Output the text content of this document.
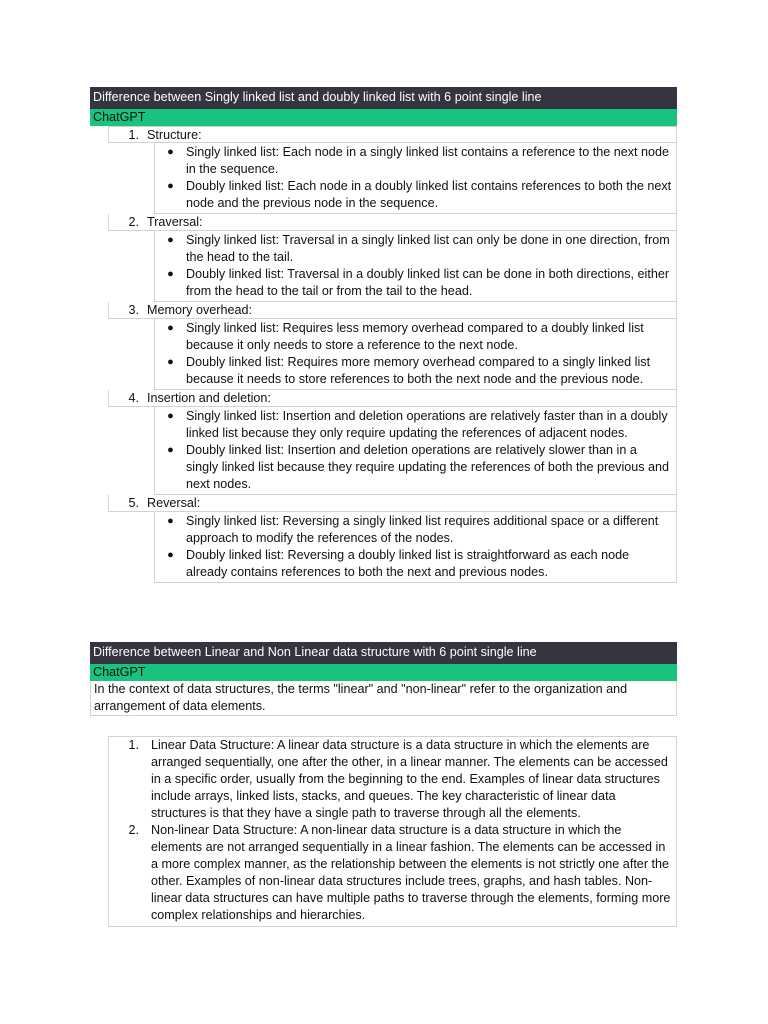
Difference between Singly linked list and doubly linked list with 6 point single line
ChatGPT
1. Structure:
● Singly linked list: Each node in a singly linked list contains a reference to the next node in the sequence.
● Doubly linked list: Each node in a doubly linked list contains references to both the next node and the previous node in the sequence.
2. Traversal:
● Singly linked list: Traversal in a singly linked list can only be done in one direction, from the head to the tail.
● Doubly linked list: Traversal in a doubly linked list can be done in both directions, either from the head to the tail or from the tail to the head.
3. Memory overhead:
● Singly linked list: Requires less memory overhead compared to a doubly linked list because it only needs to store a reference to the next node.
● Doubly linked list: Requires more memory overhead compared to a singly linked list because it needs to store references to both the next node and the previous node.
4. Insertion and deletion:
● Singly linked list: Insertion and deletion operations are relatively faster than in a doubly linked list because they only require updating the references of adjacent nodes.
● Doubly linked list: Insertion and deletion operations are relatively slower than in a singly linked list because they require updating the references of both the previous and next nodes.
5. Reversal:
● Singly linked list: Reversing a singly linked list requires additional space or a different approach to modify the references of the nodes.
● Doubly linked list: Reversing a doubly linked list is straightforward as each node already contains references to both the next and previous nodes.
Difference between Linear and Non Linear data structure with 6 point single line
ChatGPT
In the context of data structures, the terms "linear" and "non-linear" refer to the organization and arrangement of data elements.
1. Linear Data Structure: A linear data structure is a data structure in which the elements are arranged sequentially, one after the other, in a linear manner. The elements can be accessed in a specific order, usually from the beginning to the end. Examples of linear data structures include arrays, linked lists, stacks, and queues. The key characteristic of linear data structures is that they have a single path to traverse through all the elements.
2. Non-linear Data Structure: A non-linear data structure is a data structure in which the elements are not arranged sequentially in a linear fashion. The elements can be accessed in a more complex manner, as the relationship between the elements is not strictly one after the other. Examples of non-linear data structures include trees, graphs, and hash tables. Non-linear data structures can have multiple paths to traverse through the elements, forming more complex relationships and hierarchies.
